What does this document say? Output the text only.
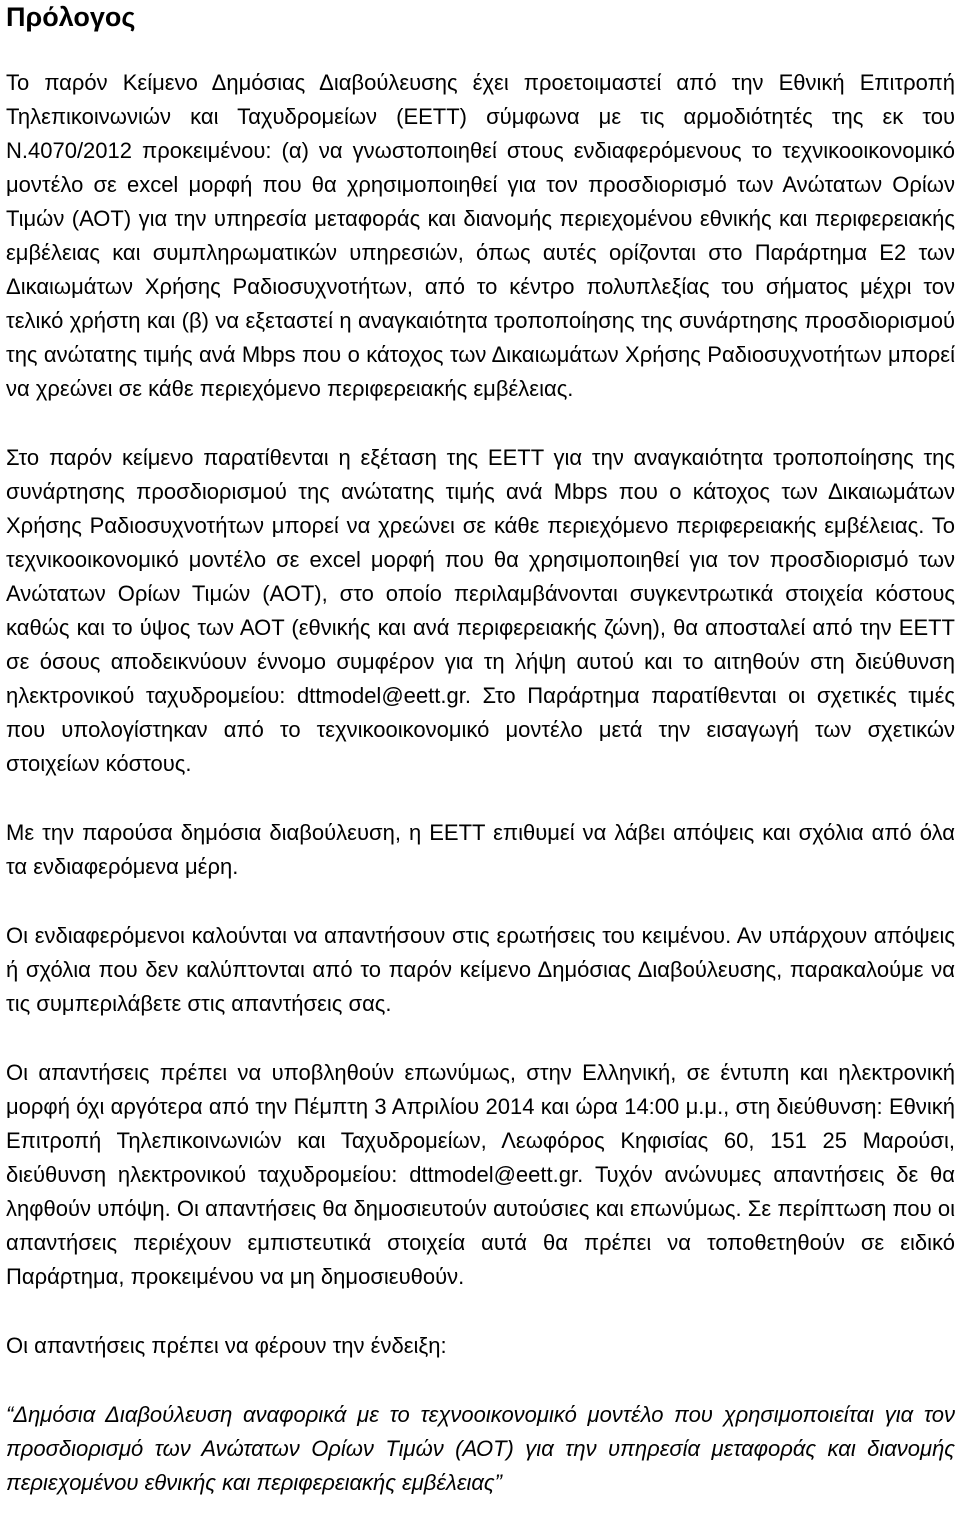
Πρόλογος

Το παρόν Κείμενο Δημόσιας Διαβούλευσης έχει προετοιμαστεί από την Εθνική Επιτροπή Τηλεπικοινωνιών και Ταχυδρομείων (ΕΕΤΤ) σύμφωνα με τις αρμοδιότητές της εκ του Ν.4070/2012 προκειμένου: (α) να γνωστοποιηθεί στους ενδιαφερόμενους το τεχνικοοικονομικό μοντέλο σε excel μορφή που θα χρησιμοποιηθεί για τον προσδιορισμό των Ανώτατων Ορίων Τιμών (ΑΟΤ) για την υπηρεσία μεταφοράς και διανομής περιεχομένου εθνικής και περιφερειακής εμβέλειας και συμπληρωματικών υπηρεσιών, όπως αυτές ορίζονται στο Παράρτημα Ε2 των Δικαιωμάτων Χρήσης Ραδιοσυχνοτήτων, από το κέντρο πολυπλεξίας του σήματος μέχρι τον τελικό χρήστη και (β) να εξεταστεί η αναγκαιότητα τροποποίησης της συνάρτησης προσδιορισμού της ανώτατης τιμής ανά Mbps που ο κάτοχος των Δικαιωμάτων Χρήσης Ραδιοσυχνοτήτων μπορεί να χρεώνει σε κάθε περιεχόμενο περιφερειακής εμβέλειας.

Στο παρόν κείμενο παρατίθενται η εξέταση της ΕΕΤΤ για την αναγκαιότητα τροποποίησης της συνάρτησης προσδιορισμού της ανώτατης τιμής ανά Mbps που ο κάτοχος των Δικαιωμάτων Χρήσης Ραδιοσυχνοτήτων μπορεί να χρεώνει σε κάθε περιεχόμενο περιφερειακής εμβέλειας. Το τεχνικοοικονομικό μοντέλο σε excel μορφή που θα χρησιμοποιηθεί για τον προσδιορισμό των Ανώτατων Ορίων Τιμών (ΑΟΤ), στο οποίο περιλαμβάνονται συγκεντρωτικά στοιχεία κόστους καθώς και το ύψος των ΑΟΤ (εθνικής και ανά περιφερειακής ζώνη), θα αποσταλεί από την ΕΕΤΤ σε όσους αποδεικνύουν έννομο συμφέρον για τη λήψη αυτού και το αιτηθούν στη διεύθυνση ηλεκτρονικού ταχυδρομείου: dttmodel@eett.gr. Στο Παράρτημα παρατίθενται οι σχετικές τιμές που υπολογίστηκαν από το τεχνικοοικονομικό μοντέλο μετά την εισαγωγή των σχετικών στοιχείων κόστους.

Με την παρούσα δημόσια διαβούλευση, η ΕΕΤΤ επιθυμεί να λάβει απόψεις και σχόλια από όλα τα ενδιαφερόμενα μέρη.

Οι ενδιαφερόμενοι καλούνται να απαντήσουν στις ερωτήσεις του κειμένου. Αν υπάρχουν απόψεις ή σχόλια που δεν καλύπτονται από το παρόν κείμενο Δημόσιας Διαβούλευσης, παρακαλούμε να τις συμπεριλάβετε στις απαντήσεις σας.

Οι απαντήσεις πρέπει να υποβληθούν επωνύμως, στην Ελληνική, σε έντυπη και ηλεκτρονική μορφή όχι αργότερα από την Πέμπτη 3 Απριλίου 2014 και ώρα 14:00 μ.μ., στη διεύθυνση: Εθνική Επιτροπή Τηλεπικοινωνιών και Ταχυδρομείων, Λεωφόρος Κηφισίας 60, 151 25 Μαρούσι, διεύθυνση ηλεκτρονικού ταχυδρομείου: dttmodel@eett.gr. Τυχόν ανώνυμες απαντήσεις δε θα ληφθούν υπόψη. Οι απαντήσεις θα δημοσιευτούν αυτούσιες και επωνύμως. Σε περίπτωση που οι απαντήσεις περιέχουν εμπιστευτικά στοιχεία αυτά θα πρέπει να τοποθετηθούν σε ειδικό Παράρτημα, προκειμένου να μη δημοσιευθούν.

Οι απαντήσεις πρέπει να φέρουν την ένδειξη:

“Δημόσια Διαβούλευση αναφορικά με το τεχνοοικονομικό μοντέλο που χρησιμοποιείται για τον προσδιορισμό των Ανώτατων Ορίων Τιμών (ΑΟΤ) για την υπηρεσία μεταφοράς και διανομής περιεχομένου εθνικής και περιφερειακής εμβέλειας”
